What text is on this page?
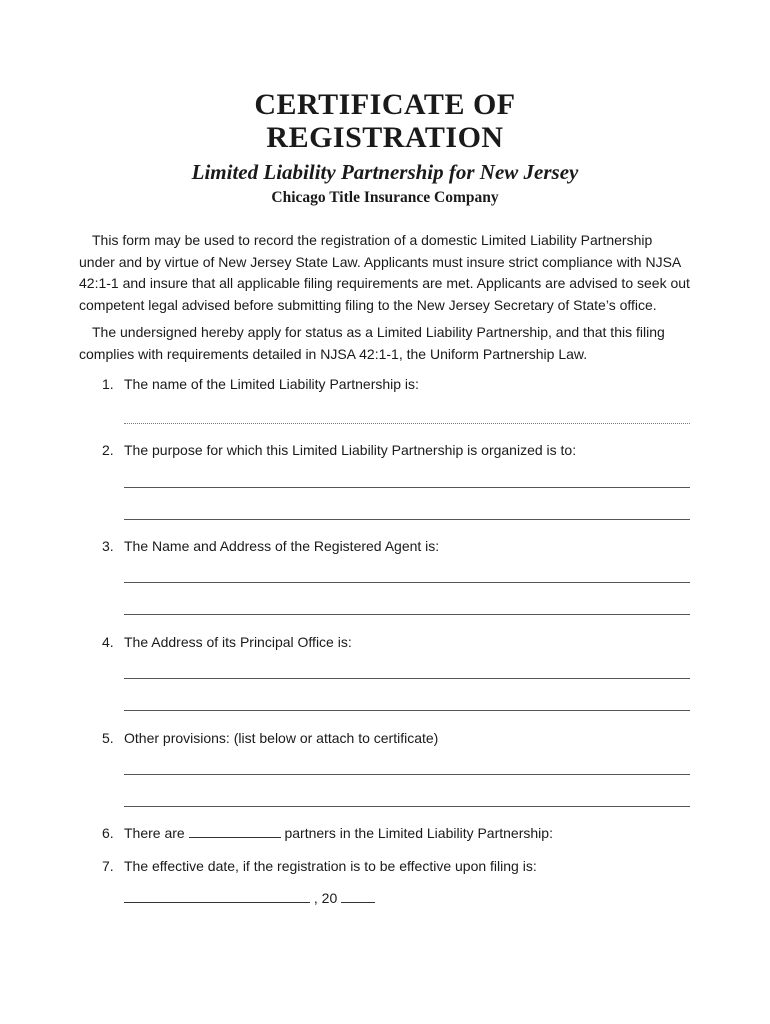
CERTIFICATE OF
REGISTRATION
Limited Liability Partnership for New Jersey
Chicago Title Insurance Company

This form may be used to record the registration of a domestic Limited Liability Partnership under and by virtue of New Jersey State Law. Applicants must insure strict compliance with NJSA 42:1-1 and insure that all applicable filing requirements are met. Applicants are advised to seek out competent legal advised before submitting filing to the New Jersey Secretary of State’s office.

The undersigned hereby apply for status as a Limited Liability Partnership, and that this filing complies with requirements detailed in NJSA 42:1-1, the Uniform Partnership Law.

1. The name of the Limited Liability Partnership is:
2. The purpose for which this Limited Liability Partnership is organized is to:
3. The Name and Address of the Registered Agent is:
4. The Address of its Principal Office is:
5. Other provisions: (list below or attach to certificate)
6. There are	partners in the Limited Liability Partnership:
7. The effective date, if the registration is to be effective upon filing is:
, 20
